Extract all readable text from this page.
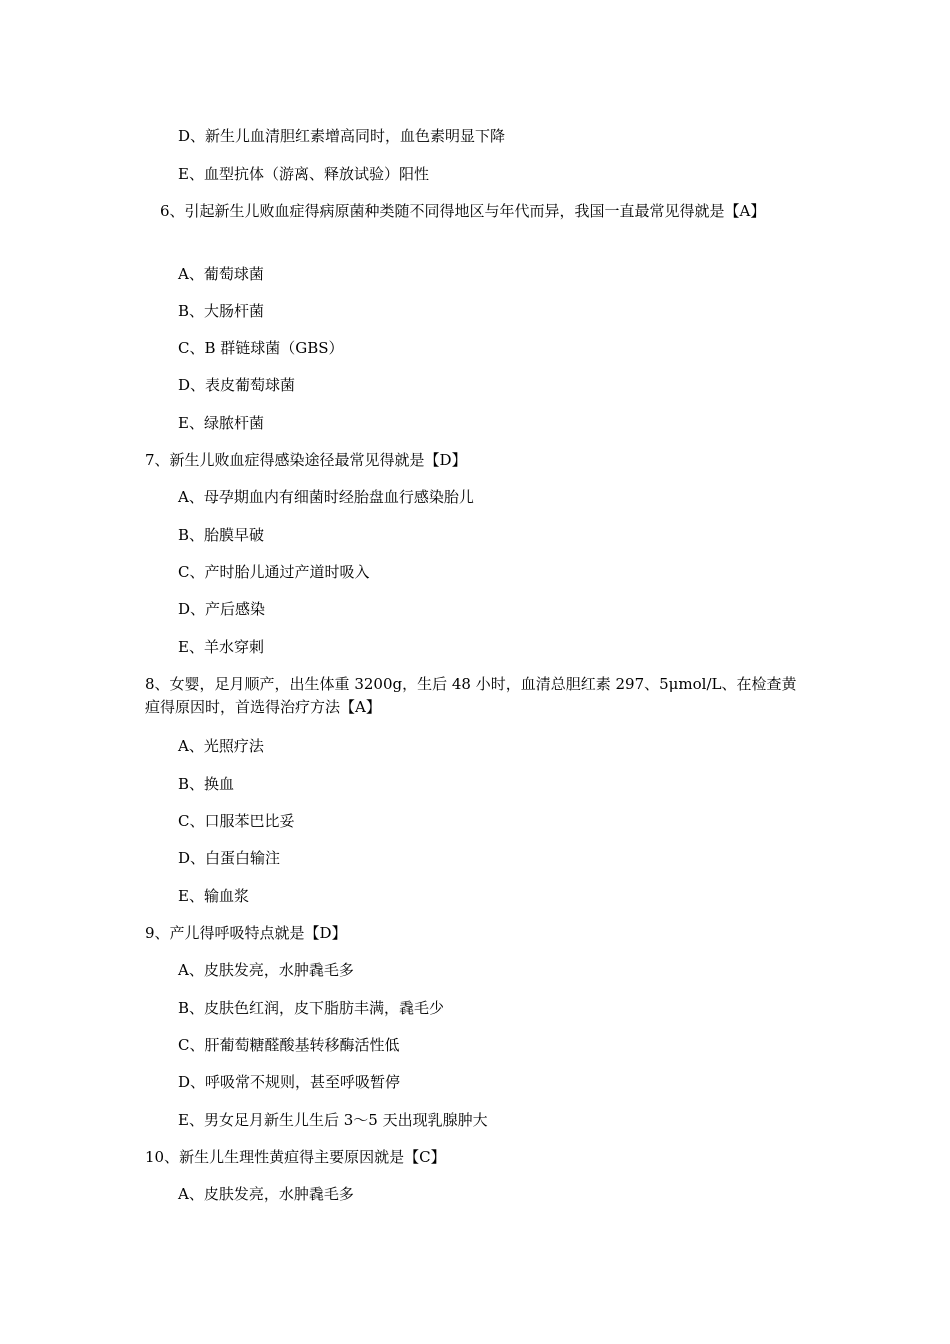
D、新生儿血清胆红素增高同时，血色素明显下降
E、血型抗体（游离、释放试验）阳性
6、引起新生儿败血症得病原菌种类随不同得地区与年代而异，我国一直最常见得就是【A】
A、葡萄球菌
B、大肠杆菌
C、B 群链球菌（GBS）
D、表皮葡萄球菌
E、绿脓杆菌
7、新生儿败血症得感染途径最常见得就是【D】
A、母孕期血内有细菌时经胎盘血行感染胎儿
B、胎膜早破
C、产时胎儿通过产道时吸入
D、产后感染
E、羊水穿刺
8、女婴，足月顺产，出生体重 3200g，生后 48 小时，血清总胆红素 297、5μmol/L、在检查黄疸得原因时，首选得治疗方法【A】
A、光照疗法
B、换血
C、口服苯巴比妥
D、白蛋白输注
E、输血浆
9、产儿得呼吸特点就是【D】
A、皮肤发亮，水肿毳毛多
B、皮肤色红润，皮下脂肪丰满，毳毛少
C、肝葡萄糖醛酸基转移酶活性低
D、呼吸常不规则，甚至呼吸暂停
E、男女足月新生儿生后 3～5 天出现乳腺肿大
10、新生儿生理性黄疸得主要原因就是【C】
A、皮肤发亮，水肿毳毛多
